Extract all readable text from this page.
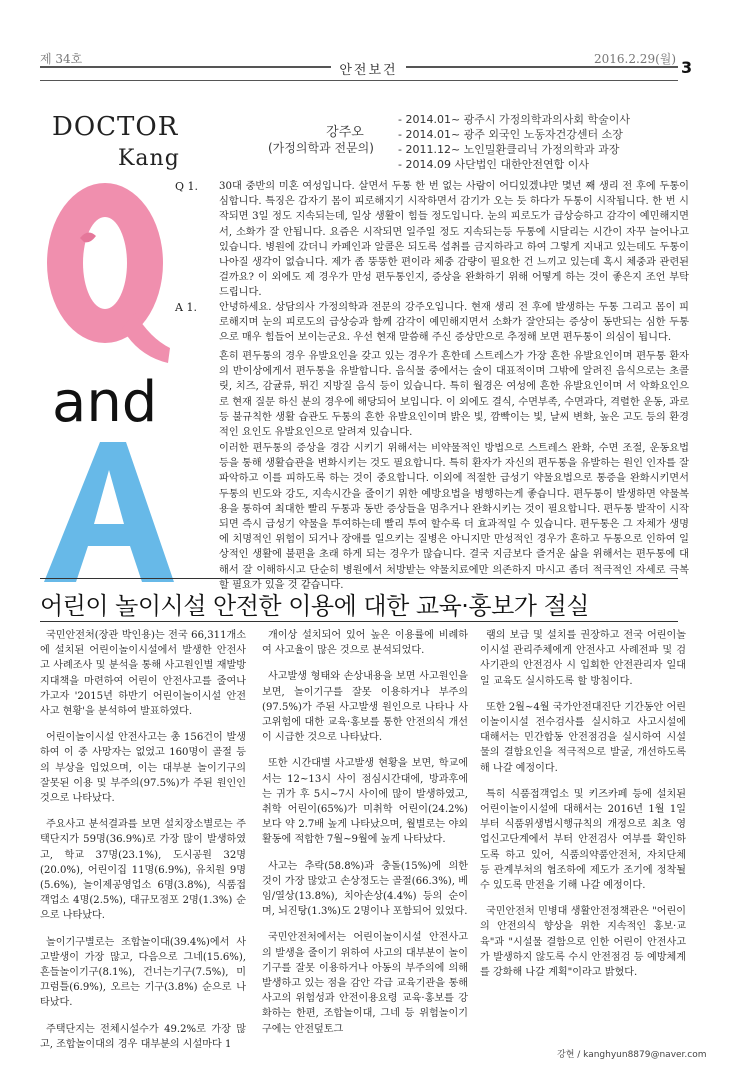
제 34호	2016.2.29(월) 3
안전보건
DOCTOR
Kang
and
강주오
(가정의학과 전문의)
- 2014.01~ 광주시 가정의학과의사회 학술이사
- 2014.01~ 광주 외국인 노동자건강센터 소장
- 2011.12~ 노인밀환클리닉 가정의학과 과장
- 2014.09 사단법인 대한안전연합 이사
Q 1. 30대 중반의 미혼 여성입니다. 살면서 두통 한 번 없는 사람이 어디있겠냐만 몇년 째 생리 전 후에 두통이 심합니다. 특징은 갑자기 몸이 피로해지기 시작하면서 감기가 오는 듯 하다가 두통이 시작됩니다. 한 번 시작되면 3일 정도 지속되는데, 일상 생활이 힘들 정도입니다. 눈의 피로도가 급상승하고 감각이 예민해지면서, 소화가 잘 안됩니다. 요즘은 시작되면 일주일 정도 지속되는등 두통에 시달리는 시간이 자꾸 늘어나고 있습니다. 병원에 갔더니 카페인과 알콜은 되도록 섭취를 금지하라고 하여 그렇게 지내고 있는데도 두통이 나아질 생각이 없습니다. 제가 좀 뚱뚱한 편이라 체중 감량이 필요한 건 느끼고 있는데 혹시 체중과 관련된걸까요? 이 외에도 제 경우가 만성 편두통인지, 증상을 완화하기 위해 어떻게 하는 것이 좋은지 조언 부탁드립니다.
A 1. 안녕하세요. 상담의사 가정의학과 전문의 강주오입니다. 현재 생리 전 후에 발생하는 두통 그리고 몸이 피로해지며 눈의 피로도의 급상승과 함께 감각이 예민해지면서 소화가 잘안되는 증상이 동반되는 심한 두통으로 매우 힘들어 보이는군요. 우선 현재 말씀해 주신 증상만으로 추정해 보면 편두통이 의심이 됩니다.
흔히 편두통의 경우 유발요인을 갖고 있는 경우가 흔한데 스트레스가 가장 흔한 유발요인이며 편두통 환자의 반이상에게서 편두통을 유발합니다. 음식물 중에서는 술이 대표적이며 그밖에 알려진 음식으로는 초콜릿, 치즈, 감귤류, 튀긴 지방질 음식 등이 있습니다. 특히 월경은 여성에 흔한 유발요인이며 서 악화요인으로 현재 질문 하신 분의 경우에 해당되어 보입니다. 이 외에도 결식, 수면부족, 수면과다, 격렬한 운동, 과로 등 불규칙한 생활 습관도 두통의 흔한 유발요인이며 밝은 빛, 깜빡이는 빛, 날씨 변화, 높은 고도 등의 환경적인 요인도 유발요인으로 알려져 있습니다.
이러한 편두통의 증상을 경감 시키기 위해서는 비약물적인 방법으로 스트레스 완화, 수면 조절, 운동요법 등을 통해 생활습관을 변화시키는 것도 필요합니다. 특히 환자가 자신의 편두통을 유발하는 원인 인자를 잘 파악하고 이를 피하도록 하는 것이 중요합니다. 이외에 적절한 급성기 약물요법으로 통증을 완화시키면서 두통의 빈도와 강도, 지속시간을 줄이기 위한 예방요법을 병행하는게 좋습니다. 편두통이 발생하면 약물복용을 통하여 최대한 빨리 두통과 동반 증상들을 멈추거나 완화시키는 것이 필요합니다. 편두통 발작이 시작되면 즉시 급성기 약물을 투여하는데 빨리 투여 할수록 더 효과적일 수 있습니다. 편두통은 그 자체가 생명에 치명적인 위험이 되거나 장애를 일으키는 질병은 아니지만 만성적인 경우가 흔하고 두통으로 인하여 일상적인 생활에 불편을 초래 하게 되는 경우가 많습니다. 결국 지금보다 즐거운 삶을 위해서는 편두통에 대해서 잘 이해하시고 단순히 병원에서 처방받는 약물치료에만 의존하지 마시고 좀더 적극적인 자세로 극복할 필요가 있을 것 같습니다.
어린이 놀이시설 안전한 이용에 대한 교육·홍보가 절실

국민안전처(장관 박인용)는 전국 66,311개소에 설치된 어린이놀이시설에서 발생한 안전사고 사례조사 및 분석을 통해 사고원인별 재발방지대책을 마련하여 어린이 안전사고를 줄여나가고자 '2015년 하반기 어린이놀이시설 안전사고 현황'을 분석하여 발표하였다.

어린이놀이시설 안전사고는 총 156건이 발생하여 이 중 사망자는 없었고 160명이 골절 등의 부상을 입었으며, 이는 대부분 놀이기구의 잘못된 이용 및 부주의(97.5%)가 주된 원인인 것으로 나타났다.

주요사고 분석결과를 보면 설치장소별로는 주택단지가 59명(36.9%)로 가장 많이 발생하였고, 학교 37명(23.1%), 도시공원 32명(20.0%), 어린이집 11명(6.9%), 유치원 9명(5.6%), 놀이제공영업소 6명(3.8%), 식품접객업소 4명(2.5%), 대규모점포 2명(1.3%) 순으로 나타났다.

놀이기구별로는 조합놀이대(39.4%)에서 사고발생이 가장 많고, 다음으로 그네(15.6%), 흔들놀이기구(8.1%), 건너는기구(7.5%), 미끄럼틀(6.9%), 오르는 기구(3.8%) 순으로 나타났다.

주택단지는 전체시설수가 49.2%로 가장 많고, 조합놀이대의 경우 대부분의 시설마다 1

개이상 설치되어 있어 높은 이용률에 비례하여 사고율이 많은 것으로 분석되었다.

사고발생 형태와 손상내용을 보면 사고원인을 보면, 놀이기구를 잘못 이용하거나 부주의(97.5%)가 주된 사고발생 원인으로 나타나 사고위험에 대한 교육·홍보를 통한 안전의식 개선이 시급한 것으로 나타났다.

또한 시간대별 사고발생 현황을 보면, 학교에서는 12~13시 사이 점심시간대에, 방과후에는 귀가 후 5시~7시 사이에 많이 발생하였고, 취학 어린이(65%)가 미취학 어린이(24.2%)보다 약 2.7배 높게 나타났으며, 월별로는 야외활동에 적합한 7월~9월에 높게 나타났다.

사고는 추락(58.8%)과 충돌(15%)에 의한 것이 가장 많았고 손상정도는 골절(66.3%), 베임/열상(13.8%), 치아손상(4.4%) 등의 순이며, 뇌진탕(1.3%)도 2명이나 포함되어 있었다.

국민안전처에서는 어린이놀이시설 안전사고의 발생을 줄이기 위하여 사고의 대부분이 놀이기구를 잘못 이용하거나 아동의 부주의에 의해 발생하고 있는 점을 감안 각급 교육기관을 통해 사고의 위험성과 안전이용요령 교육·홍보를 강화하는 한편, 조합놀이대, 그네 등 위험놀이기구에는 안전덮토그

램의 보급 및 설치를 권장하고 전국 어린이놀이시설 관리주체에게 안전사고 사례전파 및 검사기관의 안전검사 시 입회한 안전관리자 일대일 교육도 실시하도록 할 방침이다.

또한 2월~4월 국가안전대진단 기간동안 어린이놀이시설 전수검사를 실시하고 사고시설에 대해서는 민간합동 안전점검을 실시하여 시설물의 결함요인을 적극적으로 발굴, 개선하도록 해 나갈 예정이다.

특히 식품접객업소 및 키즈카페 등에 설치된 어린이놀이시설에 대해서는 2016년 1월 1일부터 식품위생법시행규칙의 개정으로 최초 영업신고단계에서 부터 안전검사 여부를 확인하도록 하고 있어, 식품의약품안전처, 자치단체 등 관계부처의 협조하에 제도가 조기에 정착될 수 있도록 만전을 기해 나갈 예정이다.

국민안전처 민병대 생활안전정책관은 "어린이의 안전의식 향상을 위한 지속적인 홍보·교육"과 "시설물 결함으로 인한 어린이 안전사고가 발생하지 않도록 수시 안전점검 등 예방체계를 강화해 나갈 계획"이라고 밝혔다.

강현 / kanghyun8879@naver.com
